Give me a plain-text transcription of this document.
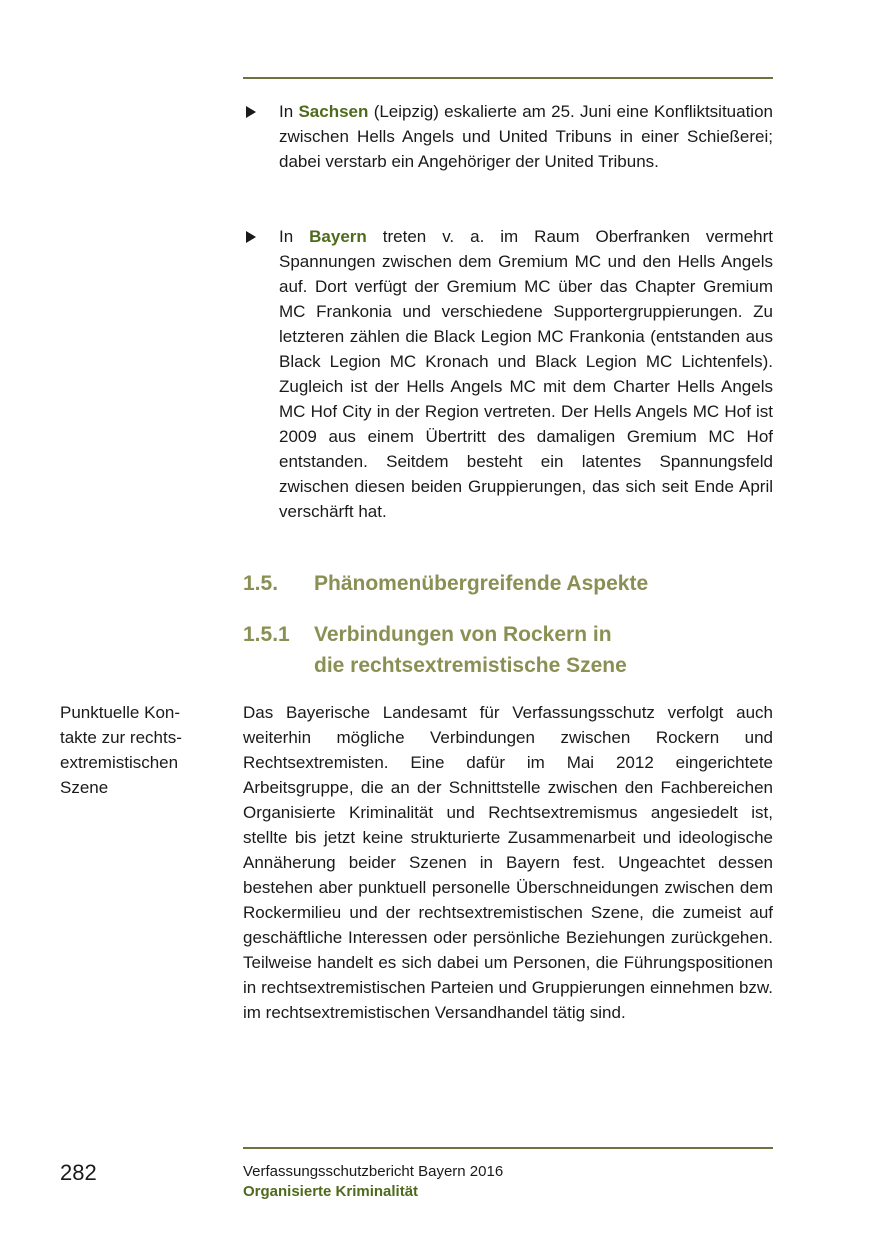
In Sachsen (Leipzig) eskalierte am 25. Juni eine Konfliktsituation zwischen Hells Angels und United Tribuns in einer Schießerei; dabei verstarb ein Angehöriger der United Tribuns.
In Bayern treten v. a. im Raum Oberfranken vermehrt Spannungen zwischen dem Gremium MC und den Hells Angels auf. Dort verfügt der Gremium MC über das Chapter Gremium MC Frankonia und verschiedene Supportergruppierungen. Zu letzteren zählen die Black Legion MC Frankonia (entstanden aus Black Legion MC Kronach und Black Legion MC Lichtenfels). Zugleich ist der Hells Angels MC mit dem Charter Hells Angels MC Hof City in der Region vertreten. Der Hells Angels MC Hof ist 2009 aus einem Übertritt des damaligen Gremium MC Hof entstanden. Seitdem besteht ein latentes Spannungsfeld zwischen diesen beiden Gruppierungen, das sich seit Ende April verschärft hat.
1.5. Phänomenübergreifende Aspekte
1.5.1 Verbindungen von Rockern in
die rechtsextremistische Szene
Punktuelle Kon-
takte zur rechts-
extremistischen
Szene
Das Bayerische Landesamt für Verfassungsschutz verfolgt auch weiterhin mögliche Verbindungen zwischen Rockern und Rechtsextremisten. Eine dafür im Mai 2012 eingerichtete Arbeitsgruppe, die an der Schnittstelle zwischen den Fachbereichen Organisierte Kriminalität und Rechtsextremismus angesiedelt ist, stellte bis jetzt keine strukturierte Zusammenarbeit und ideologische Annäherung beider Szenen in Bayern fest. Ungeachtet dessen bestehen aber punktuell personelle Überschneidungen zwischen dem Rockermilieu und der rechtsextremistischen Szene, die zumeist auf geschäftliche Interessen oder persönliche Beziehungen zurückgehen. Teilweise handelt es sich dabei um Personen, die Führungspositionen in rechtsextremistischen Parteien und Gruppierungen einnehmen bzw. im rechtsextremistischen Versandhandel tätig sind.
282	Verfassungsschutzbericht Bayern 2016
Organisierte Kriminalität
